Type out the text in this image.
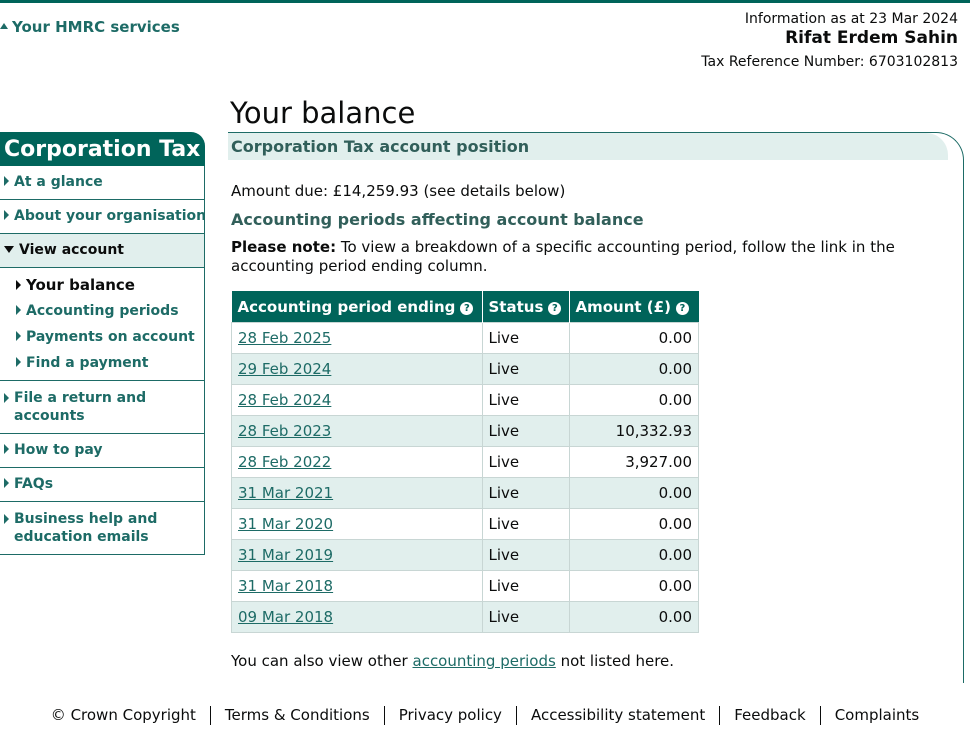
Your HMRC services	Information as at 23 Mar 2024
Rifat Erdem Sahin
Tax Reference Number: 6703102813
Your balance
Corporation Tax
At a glance
About your organisation
View account
Your balance
Accounting periods
Payments on account
Find a payment
File a return and accounts
How to pay
FAQs
Business help and education emails
Corporation Tax account position
Amount due: £14,259.93 (see details below)
Accounting periods affecting account balance
Please note: To view a breakdown of a specific accounting period, follow the link in the accounting period ending column.
Accounting period ending ?	Status ?	Amount (£) ?
28 Feb 2025	Live	0.00
29 Feb 2024	Live	0.00
28 Feb 2024	Live	0.00
28 Feb 2023	Live	10,332.93
28 Feb 2022	Live	3,927.00
31 Mar 2021	Live	0.00
31 Mar 2020	Live	0.00
31 Mar 2019	Live	0.00
31 Mar 2018	Live	0.00
09 Mar 2018	Live	0.00
You can also view other accounting periods not listed here.
© Crown Copyright Terms & Conditions Privacy policy Accessibility statement Feedback Complaints
